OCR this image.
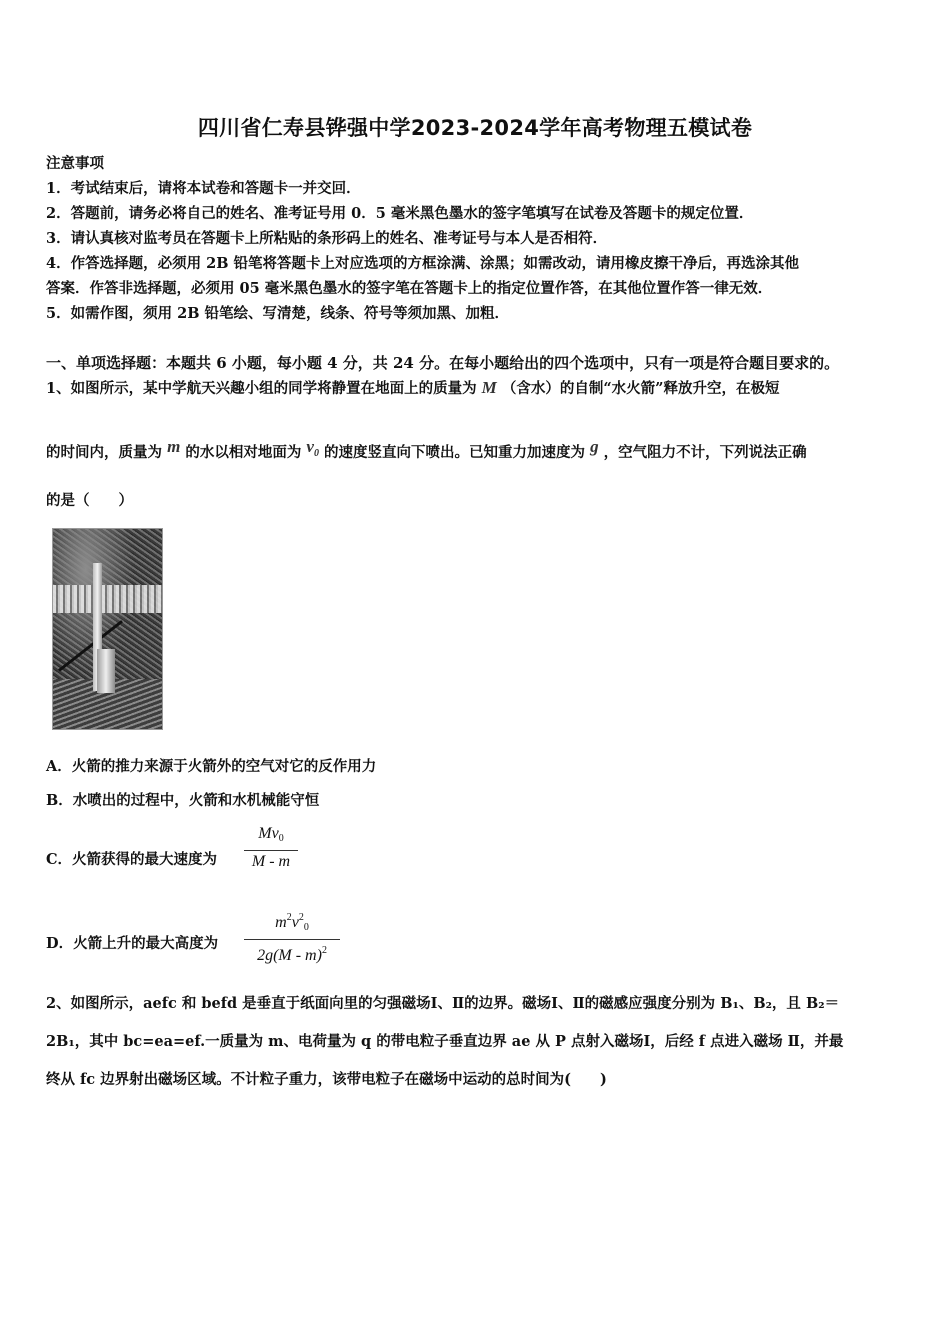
四川省仁寿县铧强中学2023-2024学年高考物理五模试卷
注意事项
1．考试结束后，请将本试卷和答题卡一并交回．
2．答题前，请务必将自己的姓名、准考证号用 0．5 毫米黑色墨水的签字笔填写在试卷及答题卡的规定位置．
3．请认真核对监考员在答题卡上所粘贴的条形码上的姓名、准考证号与本人是否相符．
4．作答选择题，必须用 2B 铅笔将答题卡上对应选项的方框涂满、涂黑；如需改动，请用橡皮擦干净后，再选涂其他
答案．作答非选择题，必须用 05 毫米黑色墨水的签字笔在答题卡上的指定位置作答，在其他位置作答一律无效．
5．如需作图，须用 2B 铅笔绘、写清楚，线条、符号等须加黑、加粗．
一、单项选择题：本题共 6 小题，每小题 4 分，共 24 分。在每小题给出的四个选项中，只有一项是符合题目要求的。
1、如图所示，某中学航天兴趣小组的同学将静置在地面上的质量为 M （含水）的自制“水火箭”释放升空，在极短
的时间内，质量为 m 的水以相对地面为 $v_0$ 的速度竖直向下喷出。已知重力加速度为 g ，空气阻力不计，下列说法正确
的是（　　）
A．火箭的推力来源于火箭外的空气对它的反作用力
B．水喷出的过程中，火箭和水机械能守恒
C．火箭获得的最大速度为
Mv0
M - m
D．火箭上升的最大高度为
$m^2v^20$
2g(M - m)$^2$
2、如图所示，aefc 和 befd 是垂直于纸面向里的匀强磁场Ⅰ、Ⅱ的边界。磁场Ⅰ、Ⅱ的磁感应强度分别为 B₁、B₂，且 B₂＝
2B₁，其中 bc=ea=ef.一质量为 m、电荷量为 q 的带电粒子垂直边界 ae 从 P 点射入磁场Ⅰ，后经 f 点进入磁场 Ⅱ，并最
终从 fc 边界射出磁场区域。不计粒子重力，该带电粒子在磁场中运动的总时间为(　　)
